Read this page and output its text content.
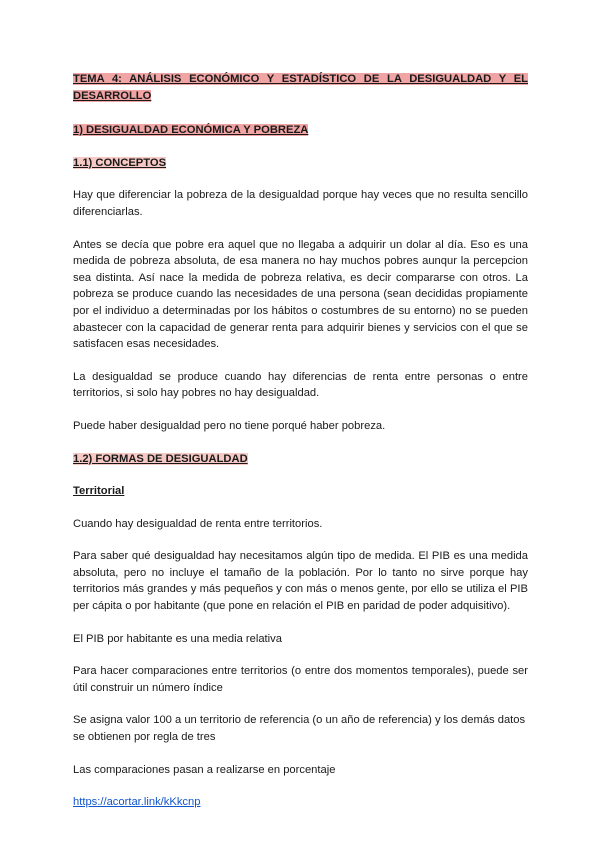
TEMA 4: ANÁLISIS ECONÓMICO Y ESTADÍSTICO DE LA DESIGUALDAD Y EL DESARROLLO
1) DESIGUALDAD ECONÓMICA Y POBREZA
1.1) CONCEPTOS

Hay que diferenciar la pobreza de la desigualdad porque hay veces que no resulta sencillo diferenciarlas.

Antes se decía que pobre era aquel que no llegaba a adquirir un dolar al día. Eso es una medida de pobreza absoluta, de esa manera no hay muchos pobres aunqur la percepcion sea distinta. Así nace la medida de pobreza relativa, es decir compararse con otros. La pobreza se produce cuando las necesidades de una persona (sean decididas propiamente por el individuo a determinadas por los hábitos o costumbres de su entorno) no se pueden abastecer con la capacidad de generar renta para adquirir bienes y servicios con el que se satisfacen esas necesidades.

La desigualdad se produce cuando hay diferencias de renta entre personas o entre territorios, si solo hay pobres no hay desigualdad.

Puede haber desigualdad pero no tiene porqué haber pobreza.

1.2) FORMAS DE DESIGUALDAD
Territorial

Cuando hay desigualdad de renta entre territorios.

Para saber qué desigualdad hay necesitamos algún tipo de medida. El PIB es una medida absoluta, pero no incluye el tamaño de la población. Por lo tanto no sirve porque hay territorios más grandes y más pequeños y con más o menos gente, por ello se utiliza el PIB per cápita o por habitante (que pone en relación el PIB en paridad de poder adquisitivo).

El PIB por habitante es una media relativa

Para hacer comparaciones entre territorios (o entre dos momentos temporales), puede ser útil construir un número índice

Se asigna valor 100 a un territorio de referencia (o un año de referencia) y los demás datos se obtienen por regla de tres

Las comparaciones pasan a realizarse en porcentaje

https://acortar.link/kKkcnp
